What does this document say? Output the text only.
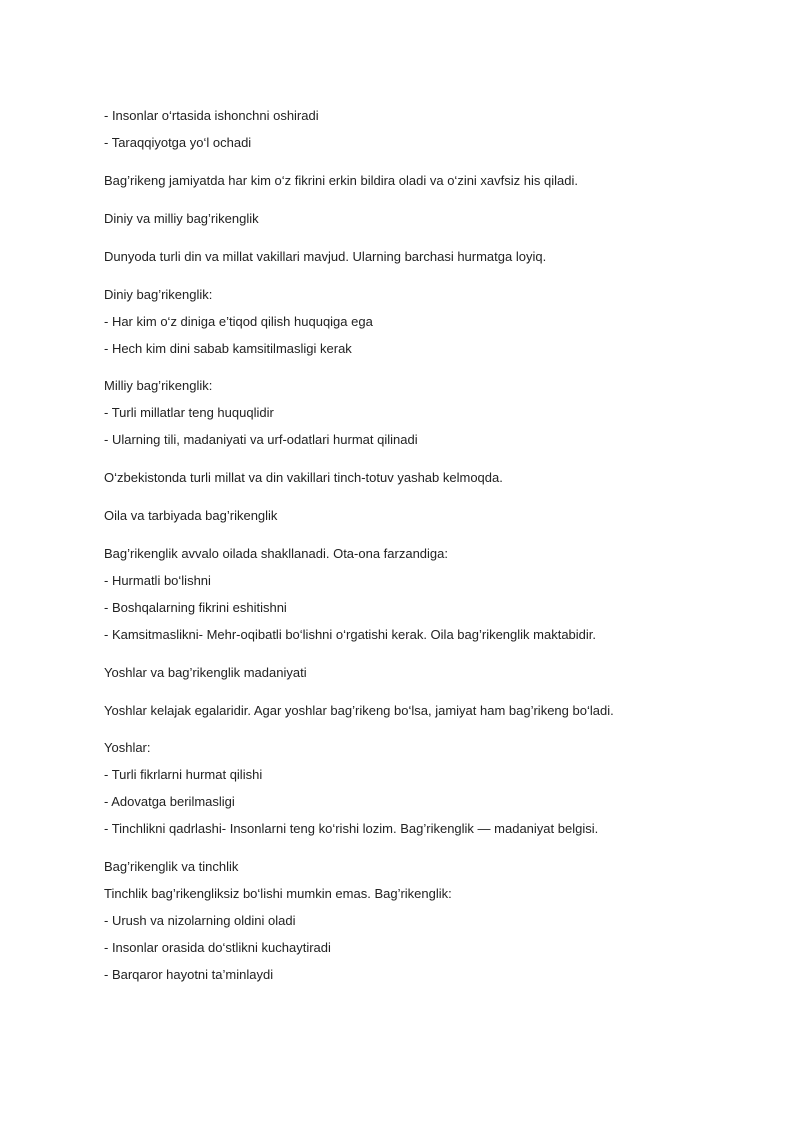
- Insonlar o‘rtasida ishonchni oshiradi
- Taraqqiyotga yo‘l ochadi
Bag’rikeng jamiyatda har kim o‘z fikrini erkin bildira oladi va o‘zini xavfsiz his qiladi.
Diniy va milliy bag’rikenglik
Dunyoda turli din va millat vakillari mavjud. Ularning barchasi hurmatga loyiq.
Diniy bag’rikenglik:
- Har kim o‘z diniga e’tiqod qilish huquqiga ega
- Hech kim dini sabab kamsitilmasligi kerak
Milliy bag’rikenglik:
- Turli millatlar teng huquqlidir
- Ularning tili, madaniyati va urf-odatlari hurmat qilinadi
O‘zbekistonda turli millat va din vakillari tinch-totuv yashab kelmoqda.
Oila va tarbiyada bag’rikenglik
Bag’rikenglik avvalo oilada shakllanadi. Ota-ona farzandiga:
- Hurmatli bo‘lishni
- Boshqalarning fikrini eshitishni
- Kamsitmaslikni- Mehr-oqibatli bo‘lishni o‘rgatishi kerak. Oila bag’rikenglik maktabidir.
Yoshlar va bag’rikenglik madaniyati
Yoshlar kelajak egalaridir. Agar yoshlar bag’rikeng bo‘lsa, jamiyat ham bag’rikeng bo‘ladi.
Yoshlar:
- Turli fikrlarni hurmat qilishi
- Adovatga berilmasligi
- Tinchlikni qadrlashi- Insonlarni teng ko‘rishi lozim. Bag’rikenglik — madaniyat belgisi.
Bag’rikenglik va tinchlik
Tinchlik bag’rikengliksiz bo‘lishi mumkin emas. Bag’rikenglik:
- Urush va nizolarning oldini oladi
- Insonlar orasida do‘stlikni kuchaytiradi
- Barqaror hayotni ta’minlaydi
